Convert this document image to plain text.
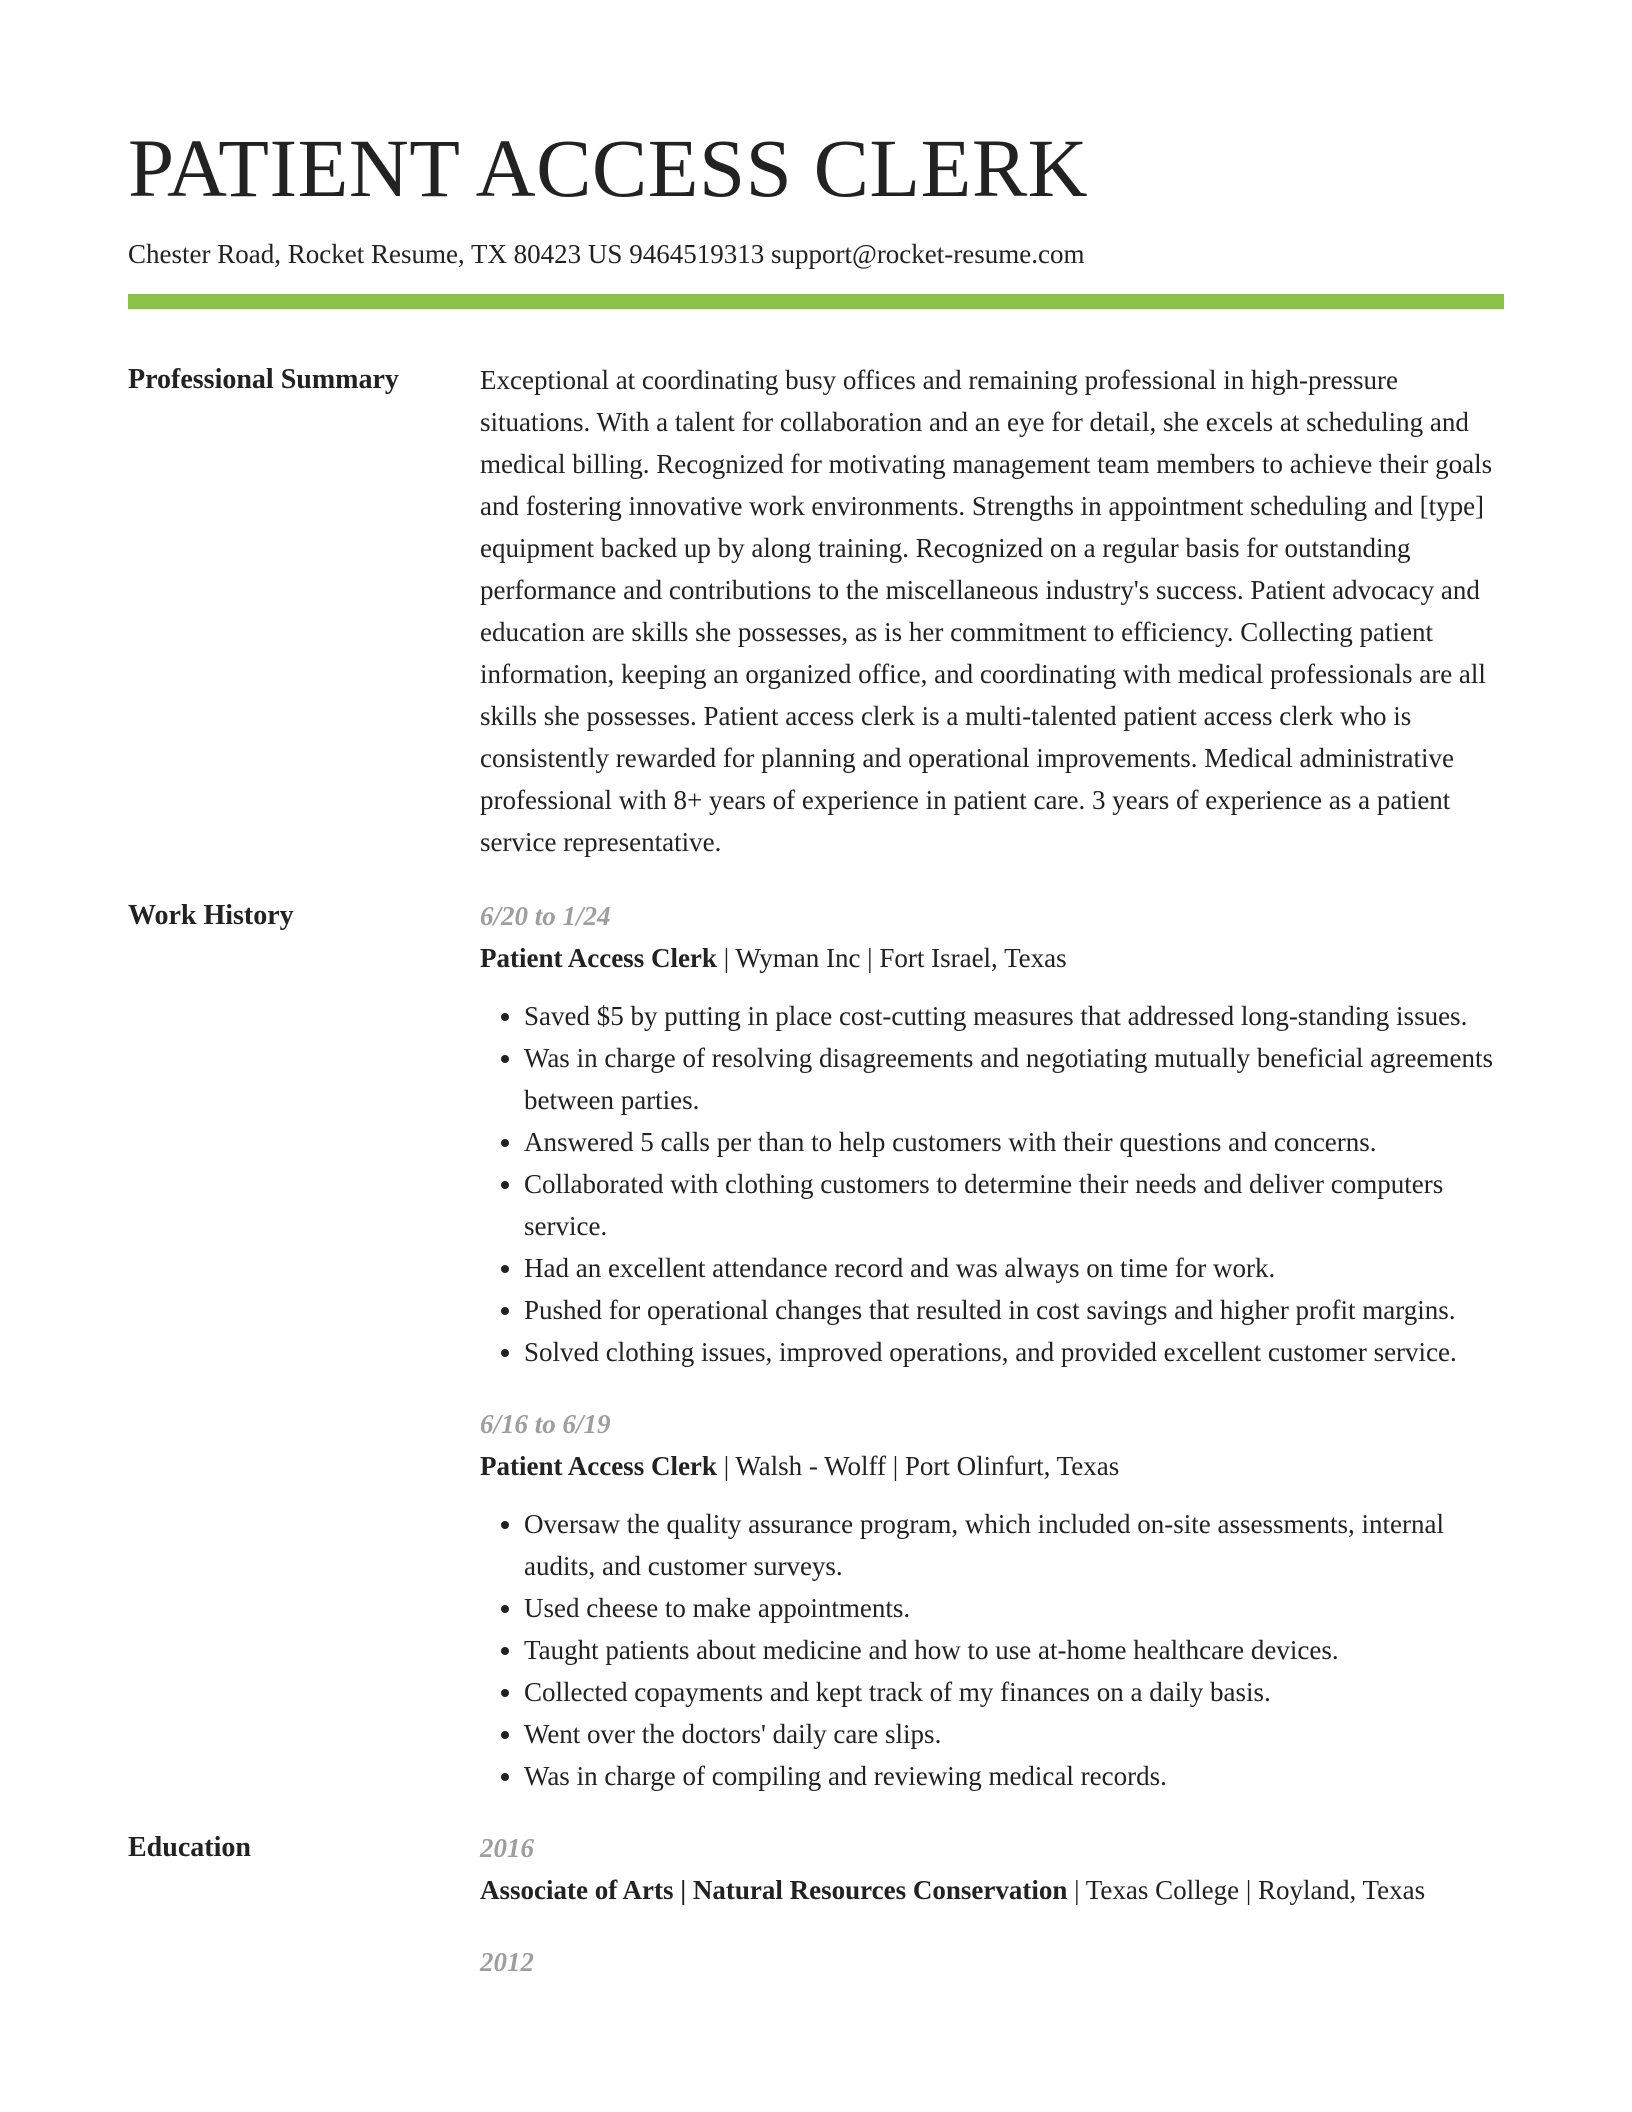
PATIENT ACCESS CLERK
Chester Road, Rocket Resume, TX 80423 US 9464519313 support@rocket-resume.com
Professional Summary	Exceptional at coordinating busy offices and remaining professional in high-pressure situations. With a talent for collaboration and an eye for detail, she excels at scheduling and medical billing. Recognized for motivating management team members to achieve their goals and fostering innovative work environments. Strengths in appointment scheduling and [type] equipment backed up by along training. Recognized on a regular basis for outstanding performance and contributions to the miscellaneous industry's success. Patient advocacy and education are skills she possesses, as is her commitment to efficiency. Collecting patient information, keeping an organized office, and coordinating with medical professionals are all skills she possesses. Patient access clerk is a multi-talented patient access clerk who is consistently rewarded for planning and operational improvements. Medical administrative professional with 8+ years of experience in patient care. 3 years of experience as a patient service representative.

Work History	6/20 to 1/24
Patient Access Clerk | Wyman Inc | Fort Israel, Texas
• Saved $5 by putting in place cost-cutting measures that addressed long-standing issues.
• Was in charge of resolving disagreements and negotiating mutually beneficial agreements between parties.
• Answered 5 calls per than to help customers with their questions and concerns.
• Collaborated with clothing customers to determine their needs and deliver computers service.
• Had an excellent attendance record and was always on time for work.
• Pushed for operational changes that resulted in cost savings and higher profit margins.
• Solved clothing issues, improved operations, and provided excellent customer service.
6/16 to 6/19
Patient Access Clerk | Walsh - Wolff | Port Olinfurt, Texas
• Oversaw the quality assurance program, which included on-site assessments, internal audits, and customer surveys.
• Used cheese to make appointments.
• Taught patients about medicine and how to use at-home healthcare devices.
• Collected copayments and kept track of my finances on a daily basis.
• Went over the doctors' daily care slips.
• Was in charge of compiling and reviewing medical records.
Education	2016
Associate of Arts | Natural Resources Conservation | Texas College | Royland, Texas
2012
